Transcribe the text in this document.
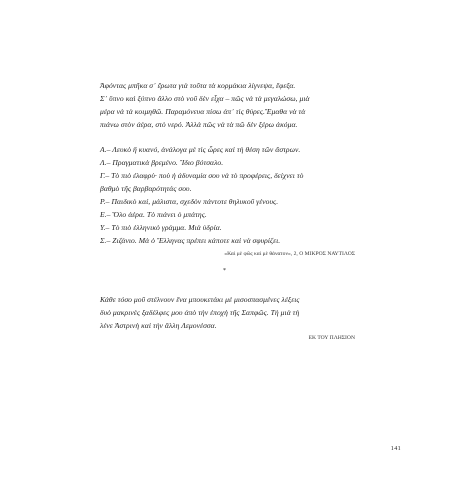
Ἀφόντας μπῆκα σ᾽ ἔρωτα γιὰ τοῦτα τὰ κορμάκια λίγνεψα, ἔφεξα.
Σ᾽ ὕπνο καὶ ξύπνο ἄλλο στὸ νοῦ δὲν εἶχα – πῶς νὰ τὰ μεγαλώσω, μιὰ
μέρα νὰ τὰ κοιμηθῶ. Παραμόνευα πίσω ἀπ᾽ τὶς θύρες.Ἔμαθα νὰ τὰ
πιάνω στὸν ἀέρα, στὸ νερό. Ἀλλὰ πῶς νὰ τὰ πῶ δὲν ξέρω ἀκόμα.
Α.– Λευκὸ ἢ κυανό, ἀνάλογα μὲ τὶς ὧρες καὶ τὴ θέση τῶν ἄστρων.
Λ.– Πραγματικὰ βρεμένο. Ἴδιο βότσαλο.
Γ.– Τὸ πιὸ ἐλαφρὺ· ποὺ ἡ ἀδυναμία σου νὰ τὸ προφέρεις, δείχνει τὸ
βαθμὸ τῆς βαρβαρότητάς σου.
Ρ.– Παιδικὸ καί, μάλιστα, σχεδὸν πάντοτε θηλυκοῦ γένους.
Ε.– Ὅλο ἀέρα. Τὸ πιάνει ὁ μπάτης.
Υ.– Τὸ πιὸ ἑλληνικὸ γράμμα. Μιὰ ὑδρία.
Σ.– Ζιζάνιο. Μὰ ὁ Ἕλληνας πρέπει κάποτε καὶ νὰ σφυρίζει.
«Καὶ μὲ φῶς καὶ μὲ θάνατον», 2, Ο ΜΙΚΡΟΣ ΝΑΥΤΙΛΟΣ
*
Κάθε τόσο μοῦ στέλνουν ἕνα μπουκετάκι μὲ μισοσπασμένες λέξεις
δυὸ μακρινὲς ξαδέλφες μου ἀπὸ τὴν ἐποχὴ τῆς Σαπφῶς. Τὴ μιὰ τὴ
λένε Ἀστρινὴ καὶ τὴν ἄλλη Λεμονέσσα.
ΕΚ ΤΟΥ ΠΛΗΣΙΟΝ
141
